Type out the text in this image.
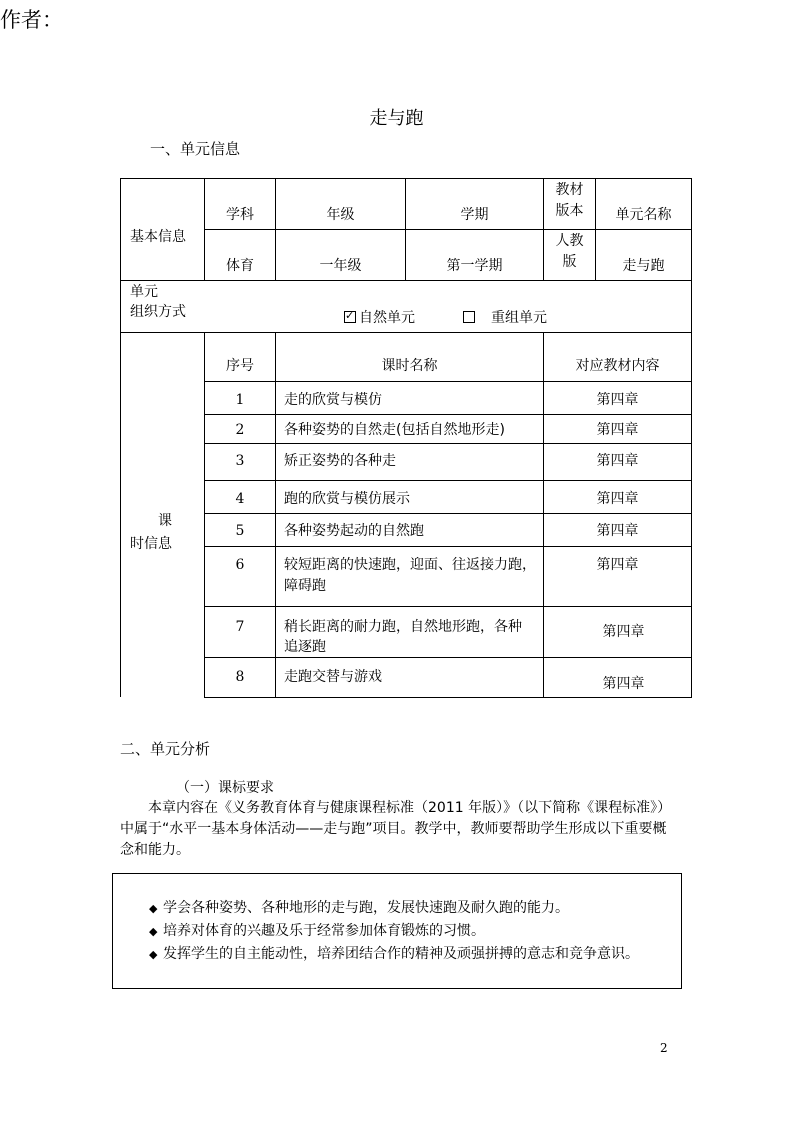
作者：
走与跑
一、单元信息
基本信息
学科	年级	学期
教材
版本	单元名称
体育	一年级	第一学期
人教
版	走与跑
单元
组织方式
✓	自然单元	重组单元
课
时信息
序号	课时名称	对应教材内容
1	走的欣赏与模仿	第四章
2	各种姿势的自然走(包括自然地形走)	第四章
3	矫正姿势的各种走	第四章
4	跑的欣赏与模仿展示	第四章
5	各种姿势起动的自然跑	第四章
6	较短距离的快速跑，迎面、往返接力跑，
障碍跑
第四章
7	稍长距离的耐力跑，自然地形跑，各种
追逐跑
第四章
8	走跑交替与游戏	第四章
二、单元分析
（一）课标要求
本章内容在《义务教育体育与健康课程标准（2011 年版）》（以下简称《课程标准》）中属于“水平一基本身体活动——走与跑”项目。教学中，教师要帮助学生形成以下重要概念和能力。
◆ 学会各种姿势、各种地形的走与跑，发展快速跑及耐久跑的能力。
◆ 培养对体育的兴趣及乐于经常参加体育锻炼的习惯。
◆ 发挥学生的自主能动性，培养团结合作的精神及顽强拼搏的意志和竞争意识。
2
